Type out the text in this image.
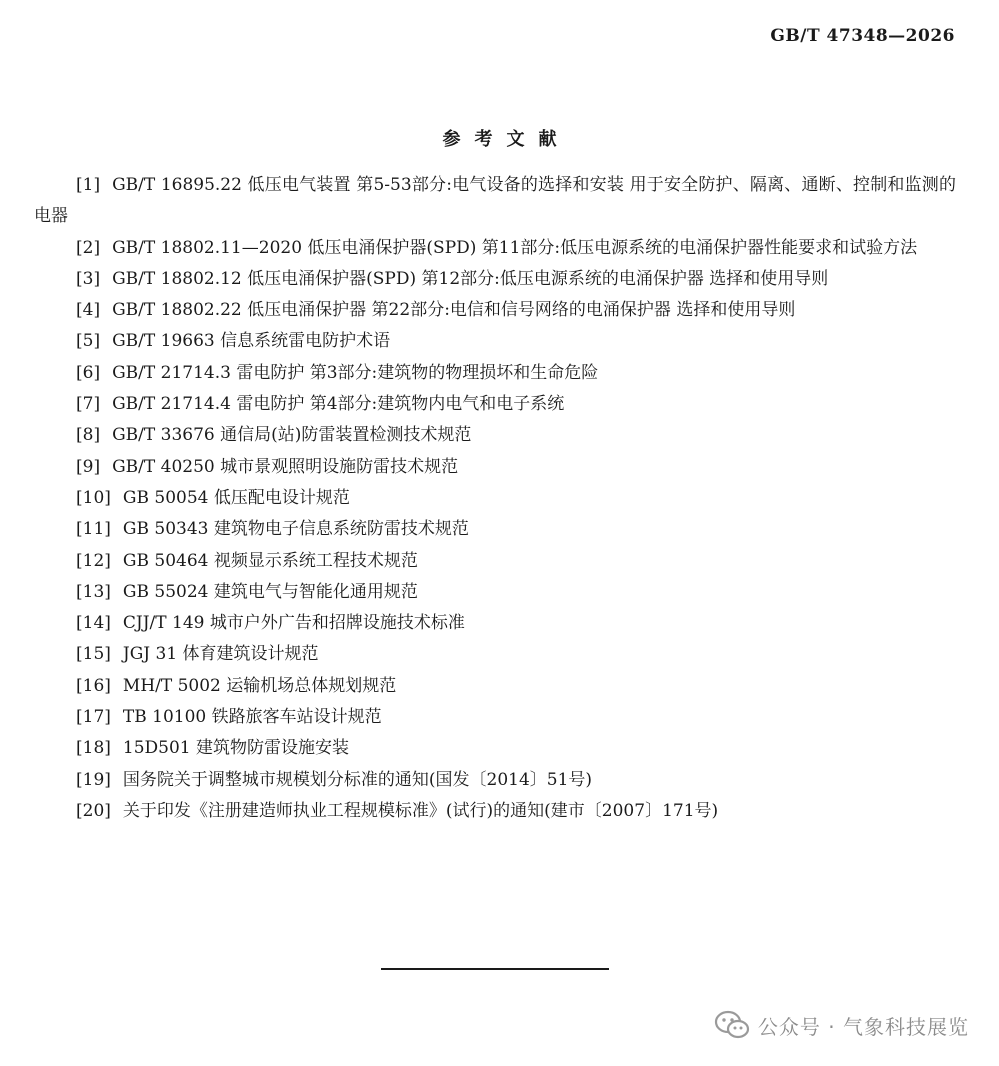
GB/T 47348—2026
参考文献
[1] GB/T 16895.22 低压电气装置 第5-53部分:电气设备的选择和安装 用于安全防护、隔离、通断、控制和监测的电器
[2] GB/T 18802.11—2020 低压电涌保护器(SPD) 第11部分:低压电源系统的电涌保护器性能要求和试验方法
[3] GB/T 18802.12 低压电涌保护器(SPD) 第12部分:低压电源系统的电涌保护器 选择和使用导则
[4] GB/T 18802.22 低压电涌保护器 第22部分:电信和信号网络的电涌保护器 选择和使用导则
[5] GB/T 19663 信息系统雷电防护术语
[6] GB/T 21714.3 雷电防护 第3部分:建筑物的物理损坏和生命危险
[7] GB/T 21714.4 雷电防护 第4部分:建筑物内电气和电子系统
[8] GB/T 33676 通信局(站)防雷装置检测技术规范
[9] GB/T 40250 城市景观照明设施防雷技术规范
[10] GB 50054 低压配电设计规范
[11] GB 50343 建筑物电子信息系统防雷技术规范
[12] GB 50464 视频显示系统工程技术规范
[13] GB 55024 建筑电气与智能化通用规范
[14] CJJ/T 149 城市户外广告和招牌设施技术标准
[15] JGJ 31 体育建筑设计规范
[16] MH/T 5002 运输机场总体规划规范
[17] TB 10100 铁路旅客车站设计规范
[18] 15D501 建筑物防雷设施安装
[19] 国务院关于调整城市规模划分标准的通知(国发〔2014〕51号)
[20] 关于印发《注册建造师执业工程规模标准》(试行)的通知(建市〔2007〕171号)
公众号 · 气象科技展览
